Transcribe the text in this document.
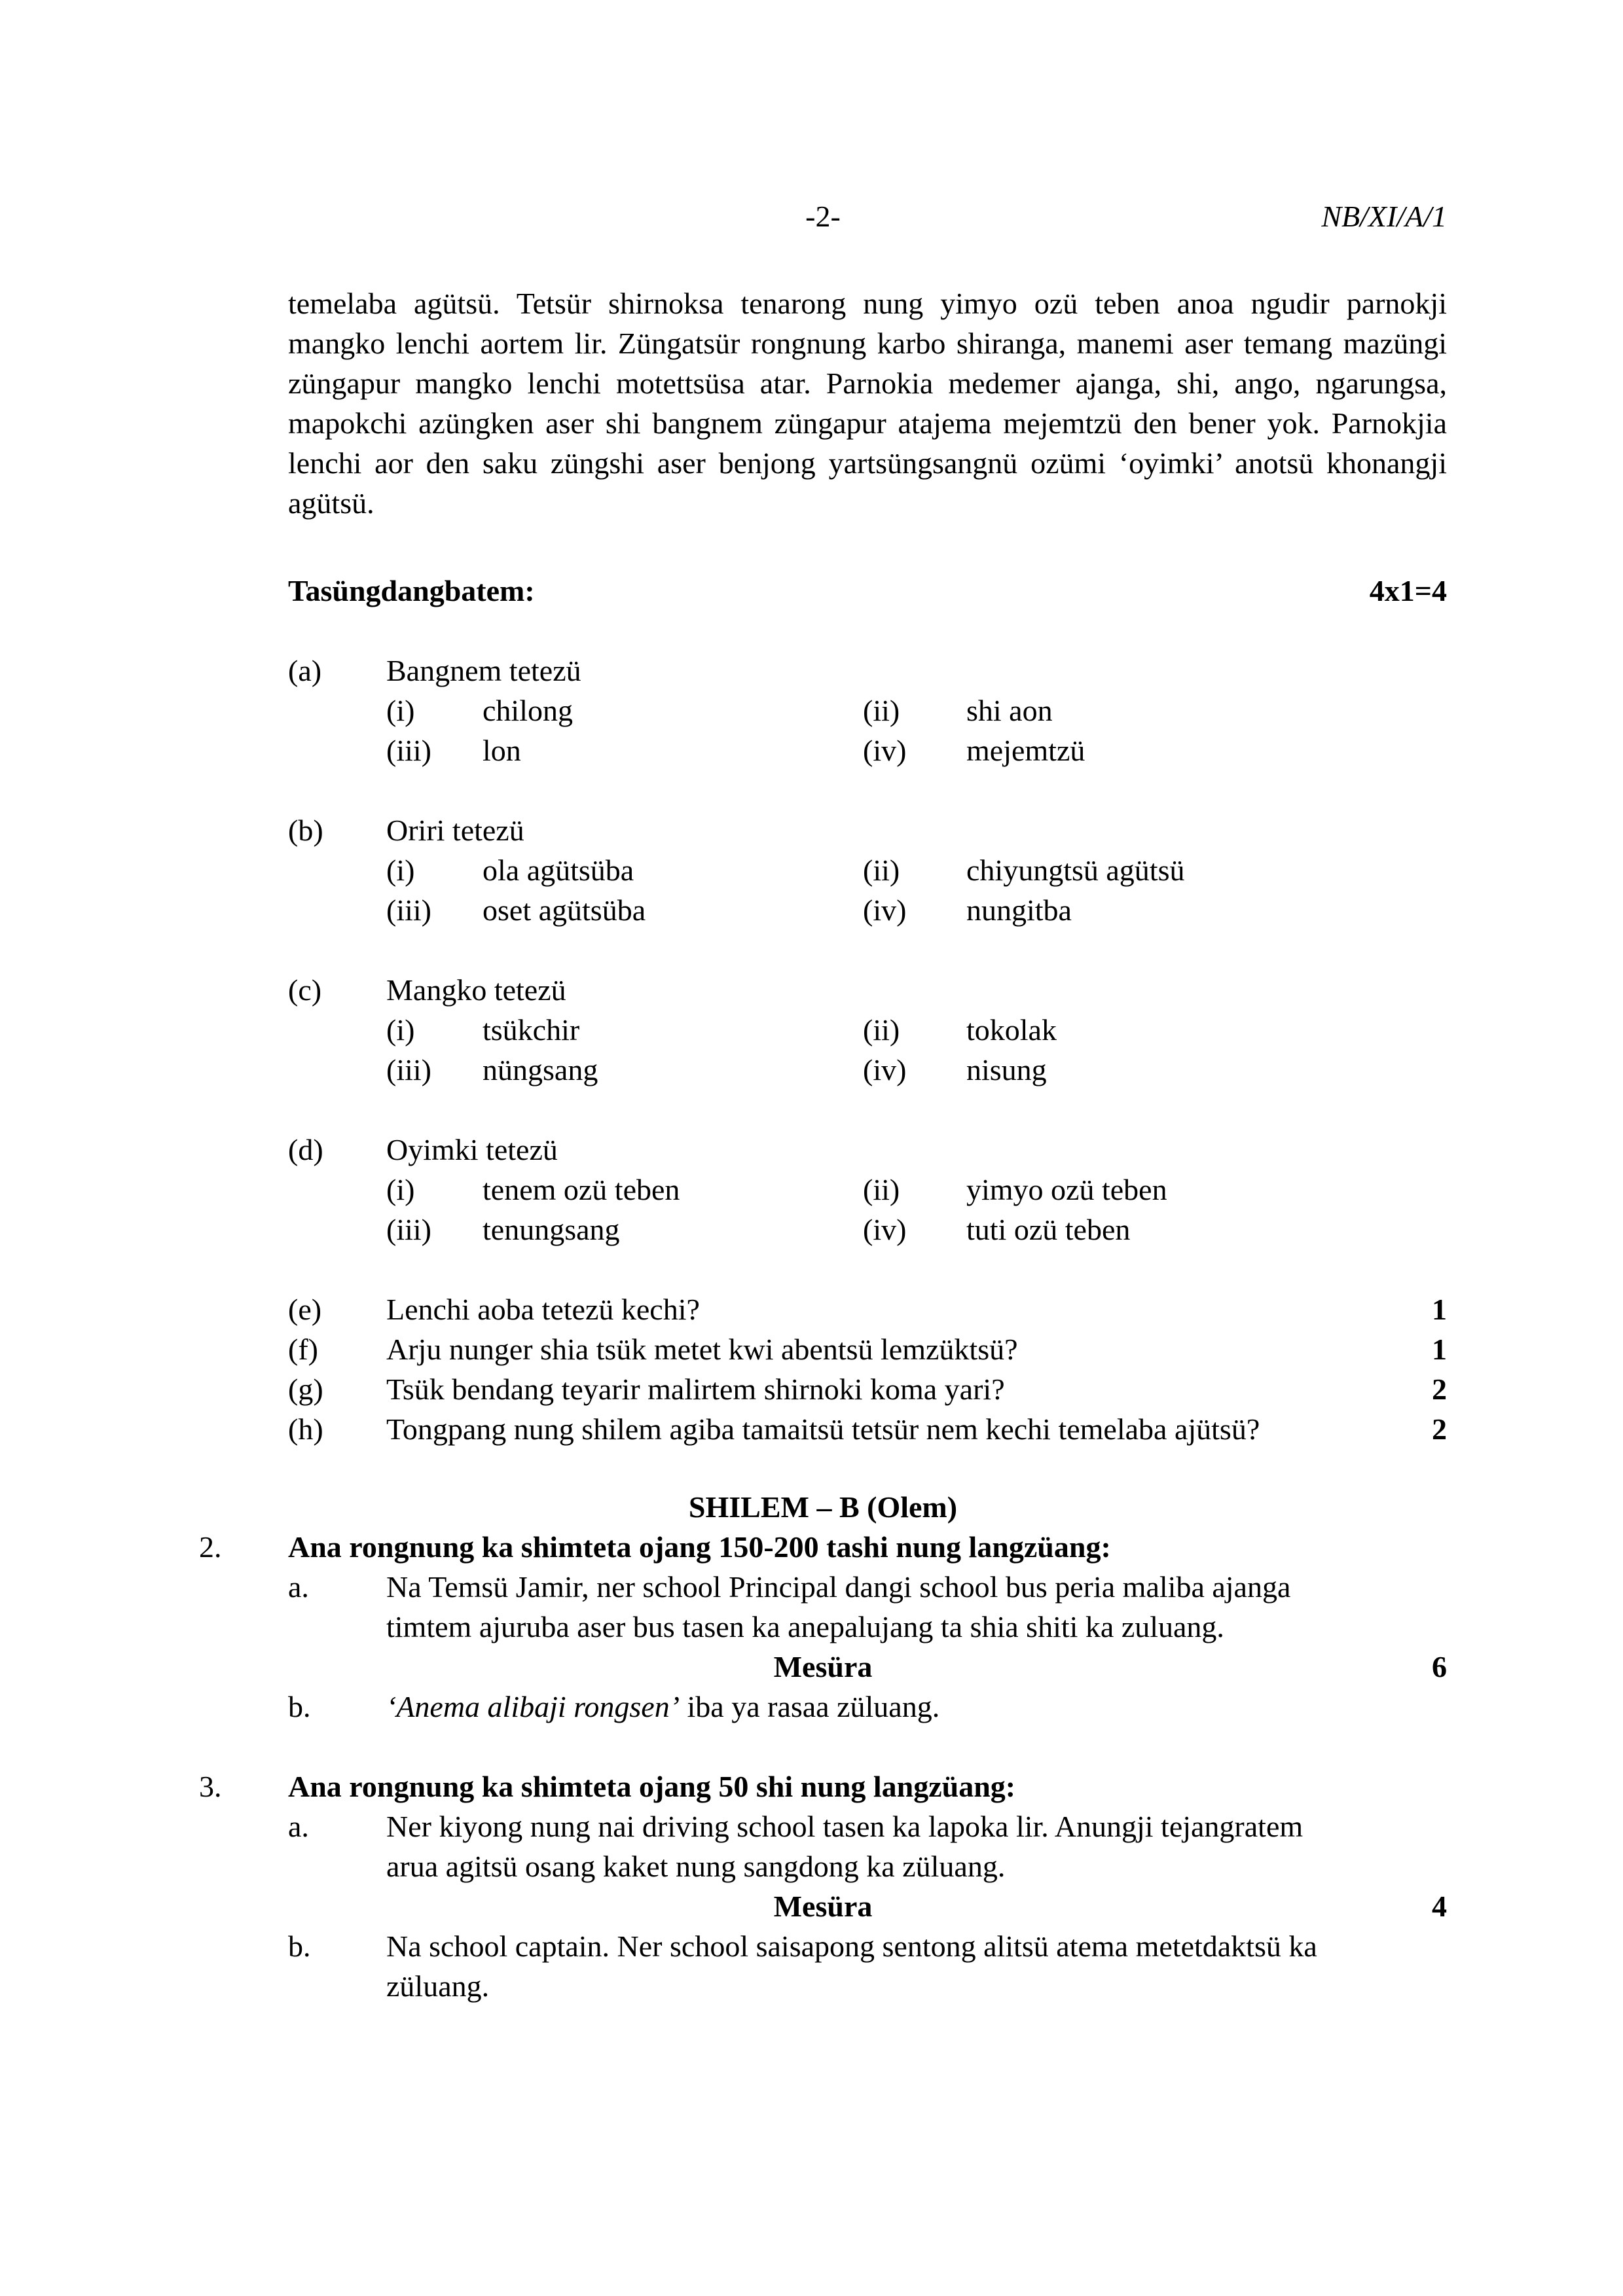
-2-	NB/XI/A/1
temelaba agütsü. Tetsür shirnoksa tenarong nung yimyo ozü teben anoa ngudir parnokji mangko lenchi aortem lir. Züngatsür rongnung karbo shiranga, manemi aser temang mazüngi züngapur mangko lenchi motettsüsa atar. Parnokia medemer ajanga, shi, ango, ngarungsa, mapokchi azüngken aser shi bangnem züngapur atajema mejemtzü den bener yok. Parnokjia lenchi aor den saku züngshi aser benjong yartsüngsangnü ozümi ‘oyimki’ anotsü khonangji agütsü.
Tasüngdangbatem:	4x1=4
(a)	Bangnem tetezü
(i)	chilong	(ii)	shi aon
(iii)	lon	(iv)	mejemtzü
(b)	Oriri tetezü
(i)	ola agütsüba	(ii)	chiyungtsü agütsü
(iii)	oset agütsüba	(iv)	nungitba
(c)	Mangko tetezü
(i)	tsükchir	(ii)	tokolak
(iii)	nüngsang	(iv)	nisung
(d)	Oyimki tetezü
(i)	tenem ozü teben	(ii)	yimyo ozü teben
(iii)	tenungsang	(iv)	tuti ozü teben
(e)	Lenchi aoba tetezü kechi?	1
(f)	Arju nunger shia tsük metet kwi abentsü lemzüktsü?	1
(g)	Tsük bendang teyarir malirtem shirnoki koma yari?	2
(h)	Tongpang nung shilem agiba tamaitsü tetsür nem kechi temelaba ajütsü?	2
SHILEM – B (Olem)
2.	Ana rongnung ka shimteta ojang 150-200 tashi nung langzüang:
a.	Na Temsü Jamir, ner school Principal dangi school bus peria maliba ajanga timtem ajuruba aser bus tasen ka anepalujang ta shia shiti ka zuluang.
Mesüra	6
b.	‘Anema alibaji rongsen’ iba ya rasaa züluang.
3.	Ana rongnung ka shimteta ojang 50 shi nung langzüang:
a.	Ner kiyong nung nai driving school tasen ka lapoka lir. Anungji tejangratem arua agitsü osang kaket nung sangdong ka züluang.
Mesüra	4
b.	Na school captain. Ner school saisapong sentong alitsü atema metetdaktsü ka züluang.
